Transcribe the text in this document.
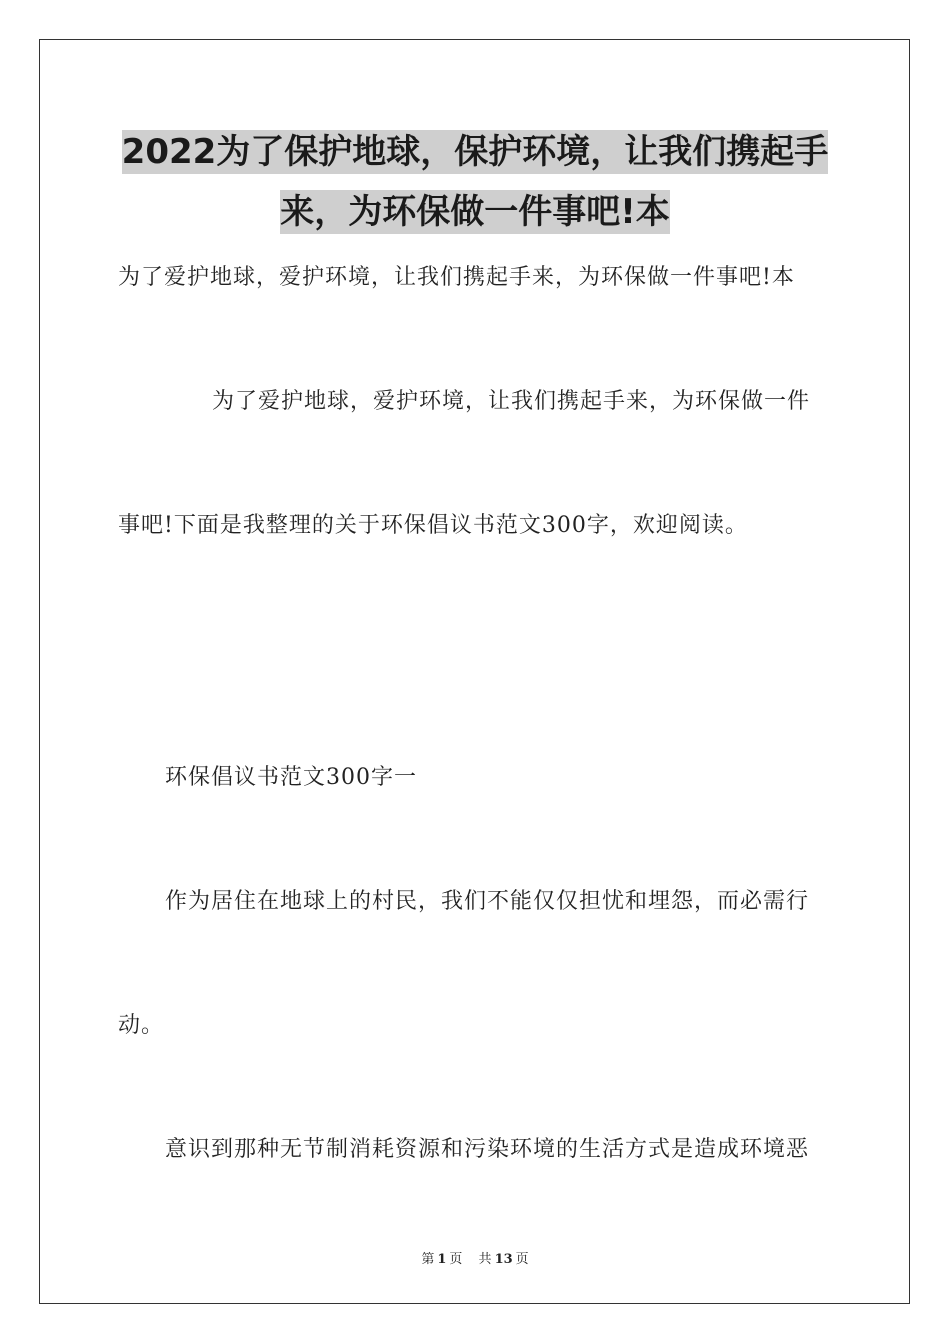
2022为了保护地球，保护环境，让我们携起手
来，为环保做一件事吧!本
为了爱护地球，爱护环境，让我们携起手来，为环保做一件事吧!本
为了爱护地球，爱护环境，让我们携起手来，为环保做一件
事吧!下面是我整理的关于环保倡议书范文300字，欢迎阅读。
环保倡议书范文300字一
作为居住在地球上的村民，我们不能仅仅担忧和埋怨，而必需行
动。
意识到那种无节制消耗资源和污染环境的生活方式是造成环境恶
第 1 页 共 13 页
